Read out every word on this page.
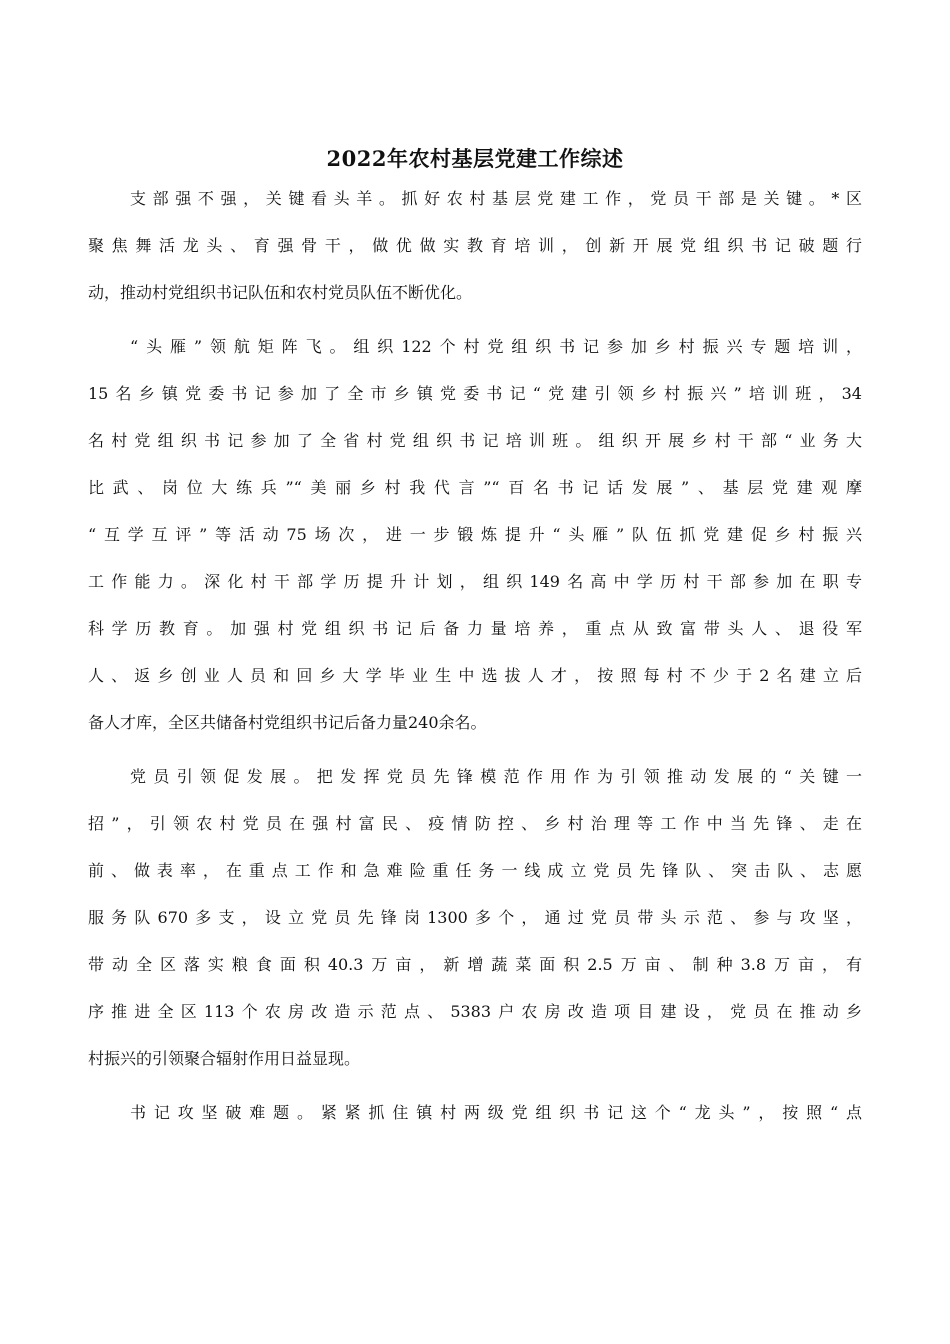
2022年农村基层党建工作综述
支部强不强，关键看头羊。抓好农村基层党建工作，党员干部是关键。*区
聚焦舞活龙头、育强骨干，做优做实教育培训，创新开展党组织书记破题行
动，推动村党组织书记队伍和农村党员队伍不断优化。
“头雁”领航矩阵飞。组织122个村党组织书记参加乡村振兴专题培训，
15名乡镇党委书记参加了全市乡镇党委书记“党建引领乡村振兴”培训班，34
名村党组织书记参加了全省村党组织书记培训班。组织开展乡村干部“业务大
比武、岗位大练兵”“美丽乡村我代言”“百名书记话发展”、基层党建观摩
“互学互评”等活动75场次，进一步锻炼提升“头雁”队伍抓党建促乡村振兴
工作能力。深化村干部学历提升计划，组织149名高中学历村干部参加在职专
科学历教育。加强村党组织书记后备力量培养，重点从致富带头人、退役军
人、返乡创业人员和回乡大学毕业生中选拔人才，按照每村不少于2名建立后
备人才库，全区共储备村党组织书记后备力量240余名。
党员引领促发展。把发挥党员先锋模范作用作为引领推动发展的“关键一
招”，引领农村党员在强村富民、疫情防控、乡村治理等工作中当先锋、走在
前、做表率，在重点工作和急难险重任务一线成立党员先锋队、突击队、志愿
服务队670多支，设立党员先锋岗1300多个，通过党员带头示范、参与攻坚，
带动全区落实粮食面积40.3万亩，新增蔬菜面积2.5万亩、制种3.8万亩，有
序推进全区113个农房改造示范点、5383户农房改造项目建设，党员在推动乡
村振兴的引领聚合辐射作用日益显现。
书记攻坚破难题。紧紧抓住镇村两级党组织书记这个“龙头”，按照“点
